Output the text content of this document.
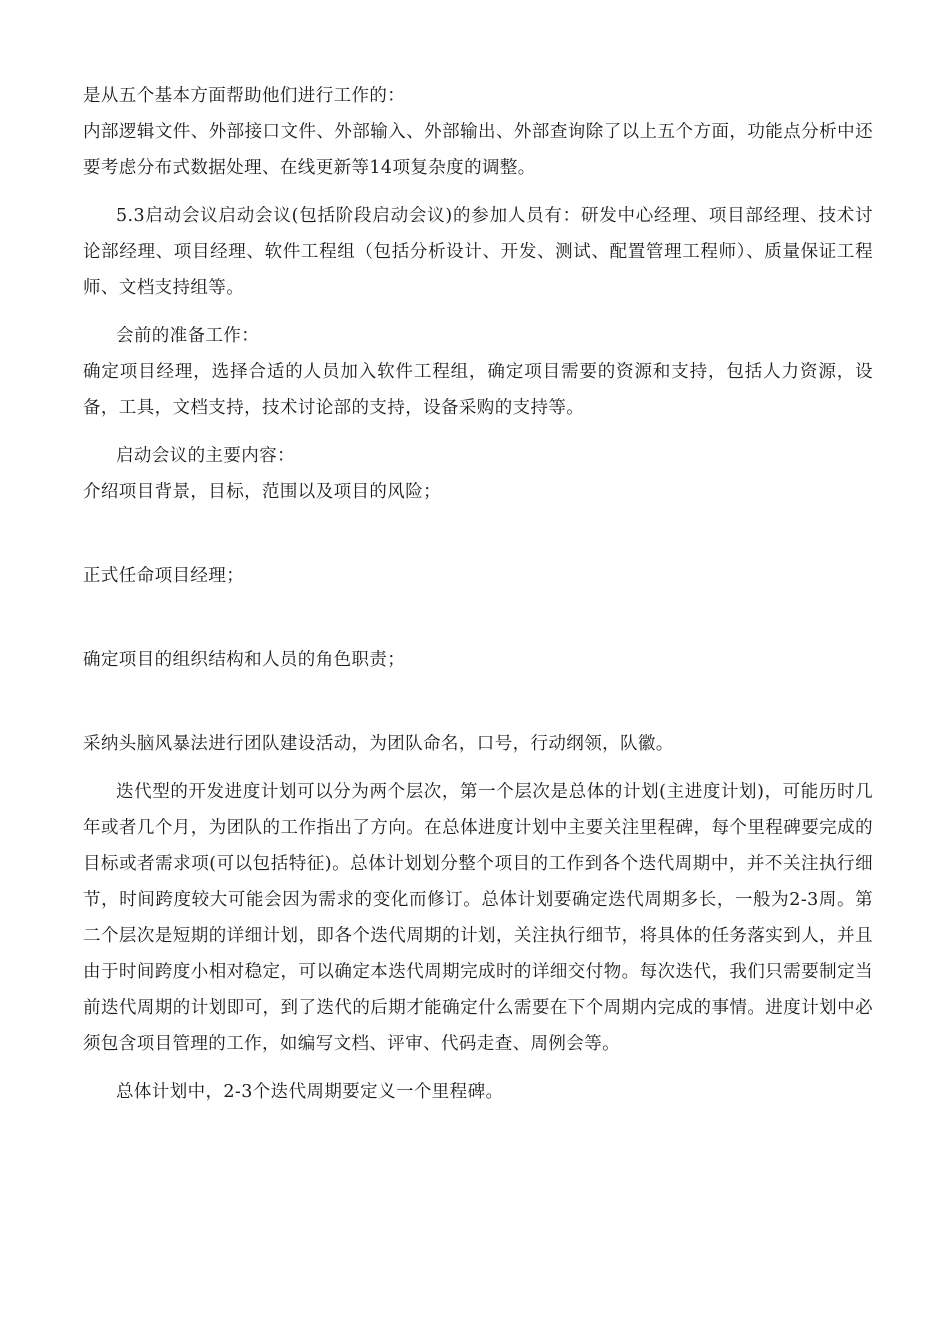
是从五个基本方面帮助他们进行工作的：

内部逻辑文件、外部接口文件、外部输入、外部输出、外部查询除了以上五个方面，功能点分析中还要考虑分布式数据处理、在线更新等14项复杂度的调整。

5.3启动会议启动会议(包括阶段启动会议)的参加人员有：研发中心经理、项目部经理、技术讨论部经理、项目经理、软件工程组（包括分析设计、开发、测试、配置管理工程师）、质量保证工程师、文档支持组等。

会前的准备工作：

确定项目经理，选择合适的人员加入软件工程组，确定项目需要的资源和支持，包括人力资源，设备，工具，文档支持，技术讨论部的支持，设备采购的支持等。

启动会议的主要内容：

介绍项目背景，目标，范围以及项目的风险；

正式任命项目经理；

确定项目的组织结构和人员的角色职责；

采纳头脑风暴法进行团队建设活动，为团队命名，口号，行动纲领，队徽。

迭代型的开发进度计划可以分为两个层次，第一个层次是总体的计划(主进度计划)，可能历时几年或者几个月，为团队的工作指出了方向。在总体进度计划中主要关注里程碑，每个里程碑要完成的目标或者需求项(可以包括特征)。总体计划划分整个项目的工作到各个迭代周期中，并不关注执行细节，时间跨度较大可能会因为需求的变化而修订。总体计划要确定迭代周期多长，一般为2-3周。第二个层次是短期的详细计划，即各个迭代周期的计划，关注执行细节，将具体的任务落实到人，并且由于时间跨度小相对稳定，可以确定本迭代周期完成时的详细交付物。每次迭代，我们只需要制定当前迭代周期的计划即可，到了迭代的后期才能确定什么需要在下个周期内完成的事情。进度计划中必须包含项目管理的工作，如编写文档、评审、代码走查、周例会等。

总体计划中，2-3个迭代周期要定义一个里程碑。
